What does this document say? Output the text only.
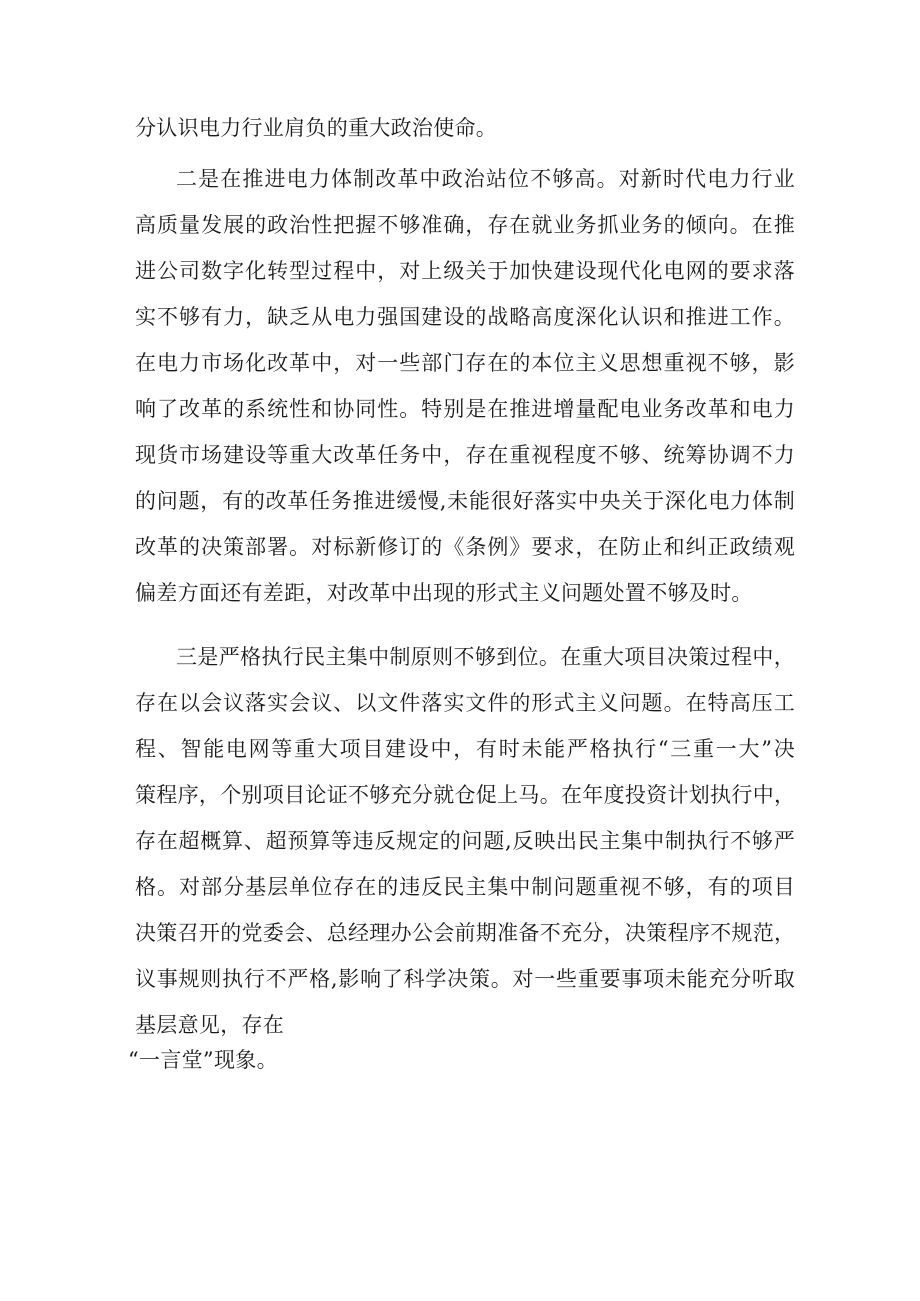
分认识电力行业肩负的重大政治使命。

二是在推进电力体制改革中政治站位不够高。对新时代电力行业

高质量发展的政治性把握不够准确，存在就业务抓业务的倾向。在推

进公司数字化转型过程中，对上级关于加快建设现代化电网的要求落

实不够有力，缺乏从电力强国建设的战略高度深化认识和推进工作。

在电力市场化改革中，对一些部门存在的本位主义思想重视不够，影

响了改革的系统性和协同性。特别是在推进增量配电业务改革和电力

现货市场建设等重大改革任务中，存在重视程度不够、统筹协调不力

的问题，有的改革任务推进缓慢,未能很好落实中央关于深化电力体制

改革的决策部署。对标新修订的《条例》要求，在防止和纠正政绩观

偏差方面还有差距，对改革中出现的形式主义问题处置不够及时。

三是严格执行民主集中制原则不够到位。在重大项目决策过程中，

存在以会议落实会议、以文件落实文件的形式主义问题。在特高压工

程、智能电网等重大项目建设中，有时未能严格执行“三重一大”决

策程序，个别项目论证不够充分就仓促上马。在年度投资计划执行中，

存在超概算、超预算等违反规定的问题,反映出民主集中制执行不够严

格。对部分基层单位存在的违反民主集中制问题重视不够，有的项目

决策召开的党委会、总经理办公会前期准备不充分，决策程序不规范，

议事规则执行不严格,影响了科学决策。对一些重要事项未能充分听取

基层意见，存在

“一言堂”现象。
